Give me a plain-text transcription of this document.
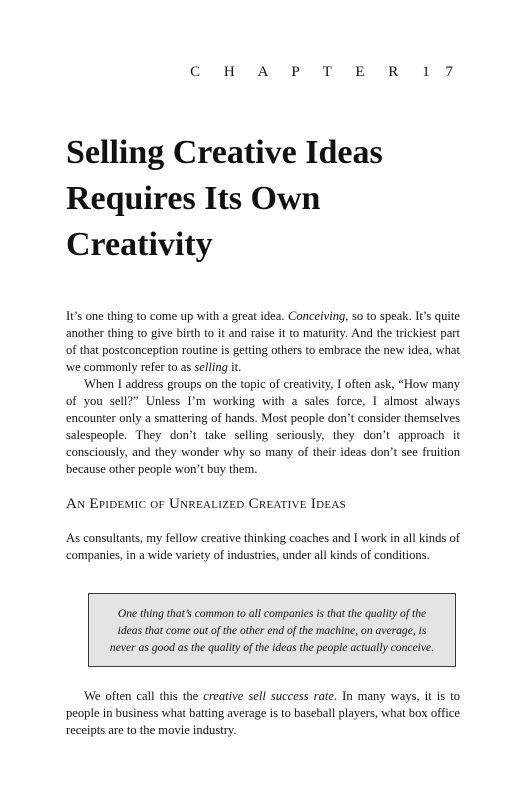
C H A P T E R 1 7
Selling Creative Ideas
Requires Its Own
Creativity

It’s one thing to come up with a great idea. Conceiving, so to speak. It’s quite another thing to give birth to it and raise it to maturity. And the trickiest part of that postconception routine is getting others to embrace the new idea, what we commonly refer to as selling it.

When I address groups on the topic of creativity, I often ask, “How many of you sell?” Unless I’m working with a sales force, I almost always encounter only a smattering of hands. Most people don’t consider themselves salespeople. They don’t take selling seriously, they don’t approach it consciously, and they wonder why so many of their ideas don’t see fruition because other people won’t buy them.

An Epidemic of Unrealized Creative Ideas

As consultants, my fellow creative thinking coaches and I work in all kinds of companies, in a wide variety of industries, under all kinds of conditions.

One thing that’s common to all companies is that the quality of the
ideas that come out of the other end of the machine, on average, is
never as good as the quality of the ideas the people actually conceive.

We often call this the creative sell success rate. In many ways, it is to people in business what batting average is to baseball players, what box office receipts are to the movie industry.
